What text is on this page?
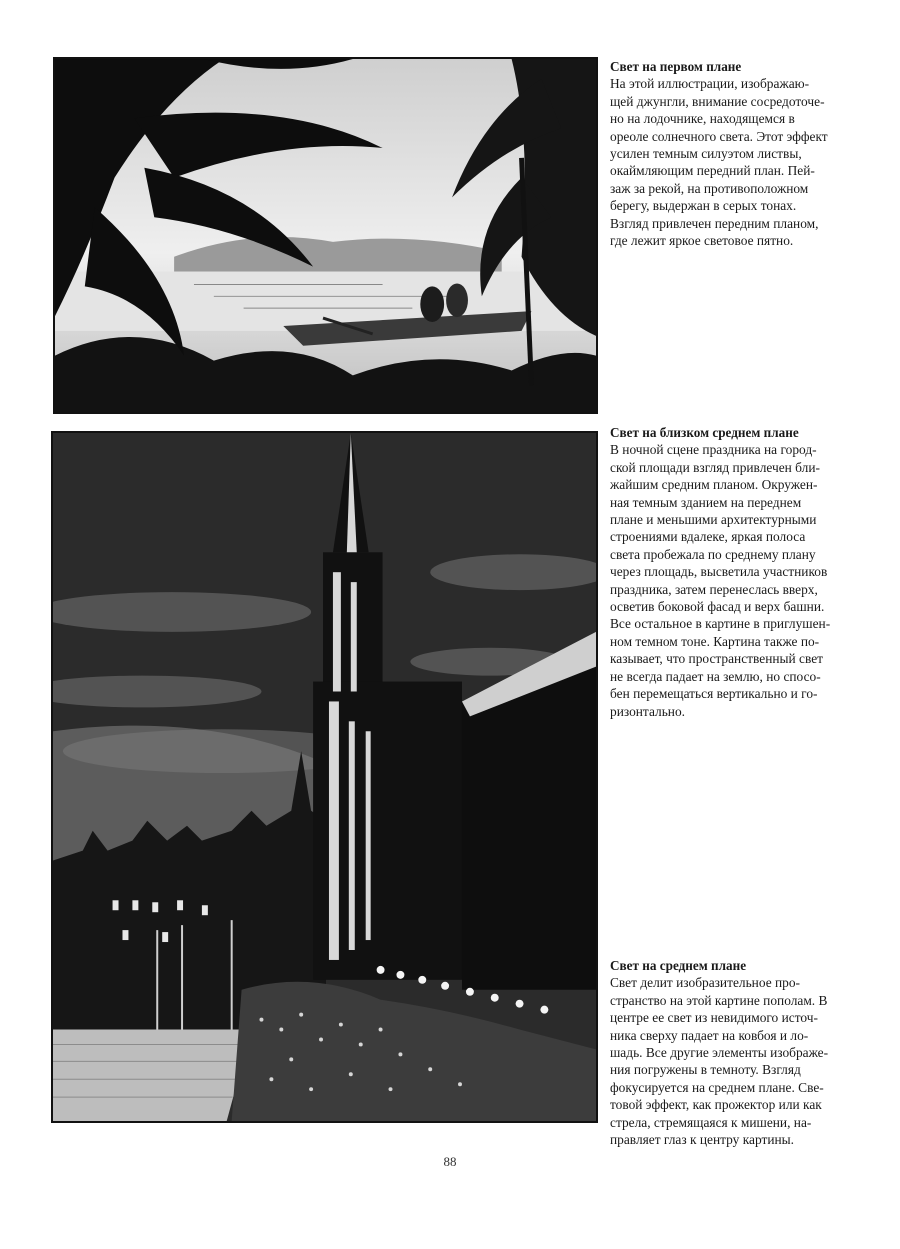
Свет на первом плане

На этой иллюстрации, изображаю-
щей джунгли, внимание сосредоточе-
но на лодочнике, находящемся в
ореоле солнечного света. Этот эффект
усилен темным силуэтом листвы,
окаймляющим передний план. Пей-
заж за рекой, на противоположном
берегу, выдержан в серых тонах.
Взгляд привлечен передним планом,
где лежит яркое световое пятно.

Свет на близком среднем плане

В ночной сцене праздника на город-
ской площади взгляд привлечен бли-
жайшим средним планом. Окружен-
ная темным зданием на переднем
плане и меньшими архитектурными
строениями вдалеке, яркая полоса
света пробежала по среднему плану
через площадь, высветила участников
праздника, затем перенеслась вверх,
осветив боковой фасад и верх башни.
Все остальное в картине в приглушен-
ном темном тоне. Картина также по-
казывает, что пространственный свет
не всегда падает на землю, но спосо-
бен перемещаться вертикально и го-
ризонтально.

Свет на среднем плане

Свет делит изобразительное про-
странство на этой картине пополам. В
центре ее свет из невидимого источ-
ника сверху падает на ковбоя и ло-
шадь. Все другие элементы изображе-
ния погружены в темноту. Взгляд
фокусируется на среднем плане. Све-
товой эффект, как прожектор или как
стрела, стремящаяся к мишени, на-
правляет глаз к центру картины.

88
